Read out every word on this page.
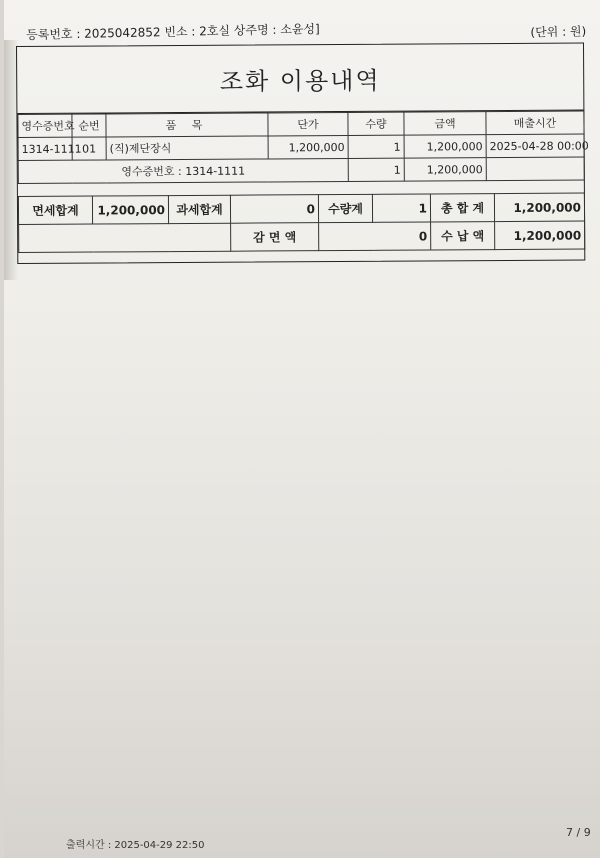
등록번호 : 2025042852 빈소 : 2호실 상주명 : 소윤성]	(단위 : 원)
조화 이용내역
영수증번호	순번	품 목	단가	수량	금액	매출시간
1314-1111	01	(직)제단장식	1,200,000	1	1,200,000	2025-04-28 00:00
영수증번호 : 1314-1111				1	1,200,000	
면세합계	1,200,000	과세합계	0	수량계	1	총 합 계	1,200,000
			감 면 액	0		수 납 액	1,200,000
출력시간 : 2025-04-29 22:50
7 / 9
